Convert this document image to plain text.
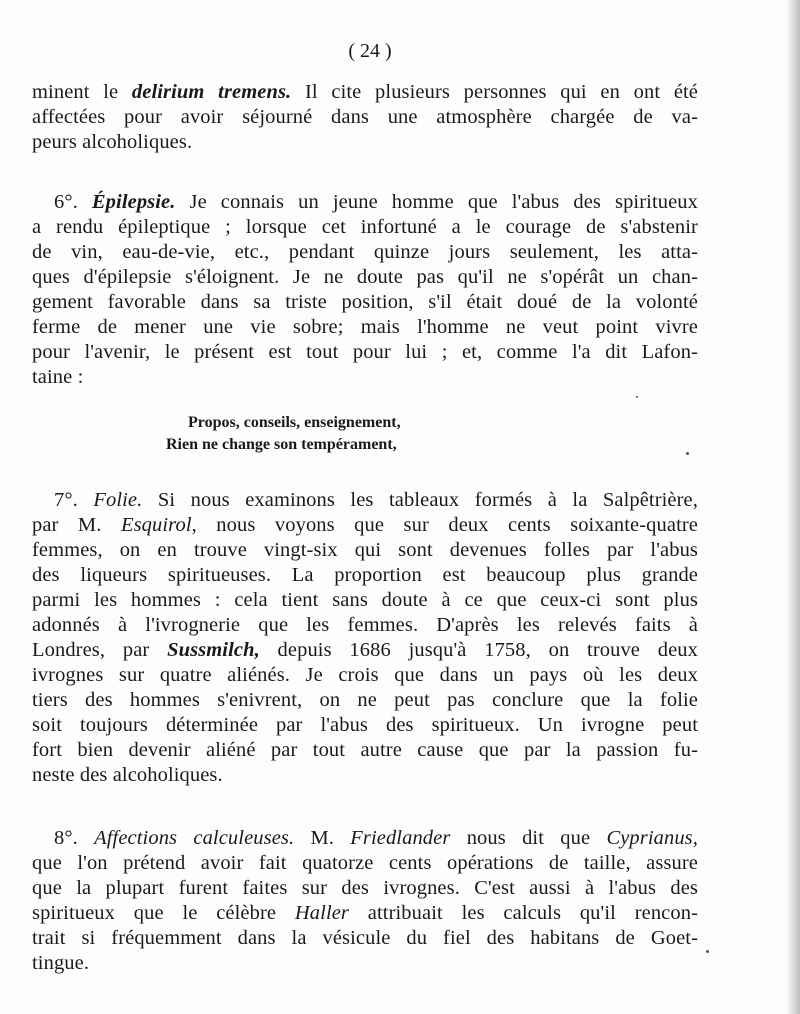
( 24 )
minent le delirium tremens. Il cite plusieurs personnes qui en ont été
affectées pour avoir séjourné dans une atmosphère chargée de va-
peurs alcoholiques.
6°. Épilepsie. Je connais un jeune homme que l'abus des spiritueux
a rendu épileptique ; lorsque cet infortuné a le courage de s'abstenir
de vin, eau-de-vie, etc., pendant quinze jours seulement, les atta-
ques d'épilepsie s'éloignent. Je ne doute pas qu'il ne s'opérât un chan-
gement favorable dans sa triste position, s'il était doué de la volonté
ferme de mener une vie sobre; mais l'homme ne veut point vivre
pour l'avenir, le présent est tout pour lui ; et, comme l'a dit Lafon-
taine :
Propos, conseils, enseignement,
Rien ne change son tempérament,
7°. Folie. Si nous examinons les tableaux formés à la Salpêtrière,
par M. Esquirol, nous voyons que sur deux cents soixante-quatre
femmes, on en trouve vingt-six qui sont devenues folles par l'abus
des liqueurs spiritueuses. La proportion est beaucoup plus grande
parmi les hommes : cela tient sans doute à ce que ceux-ci sont plus
adonnés à l'ivrognerie que les femmes. D'après les relevés faits à
Londres, par Sussmilch, depuis 1686 jusqu'à 1758, on trouve deux
ivrognes sur quatre aliénés. Je crois que dans un pays où les deux
tiers des hommes s'enivrent, on ne peut pas conclure que la folie
soit toujours déterminée par l'abus des spiritueux. Un ivrogne peut
fort bien devenir aliéné par tout autre cause que par la passion fu-
neste des alcoholiques.
8°. Affections calculeuses. M. Friedlander nous dit que Cyprianus,
que l'on prétend avoir fait quatorze cents opérations de taille, assure
que la plupart furent faites sur des ivrognes. C'est aussi à l'abus des
spiritueux que le célèbre Haller attribuait les calculs qu'il rencon-
trait si fréquemment dans la vésicule du fiel des habitans de Goet-
tingue.
